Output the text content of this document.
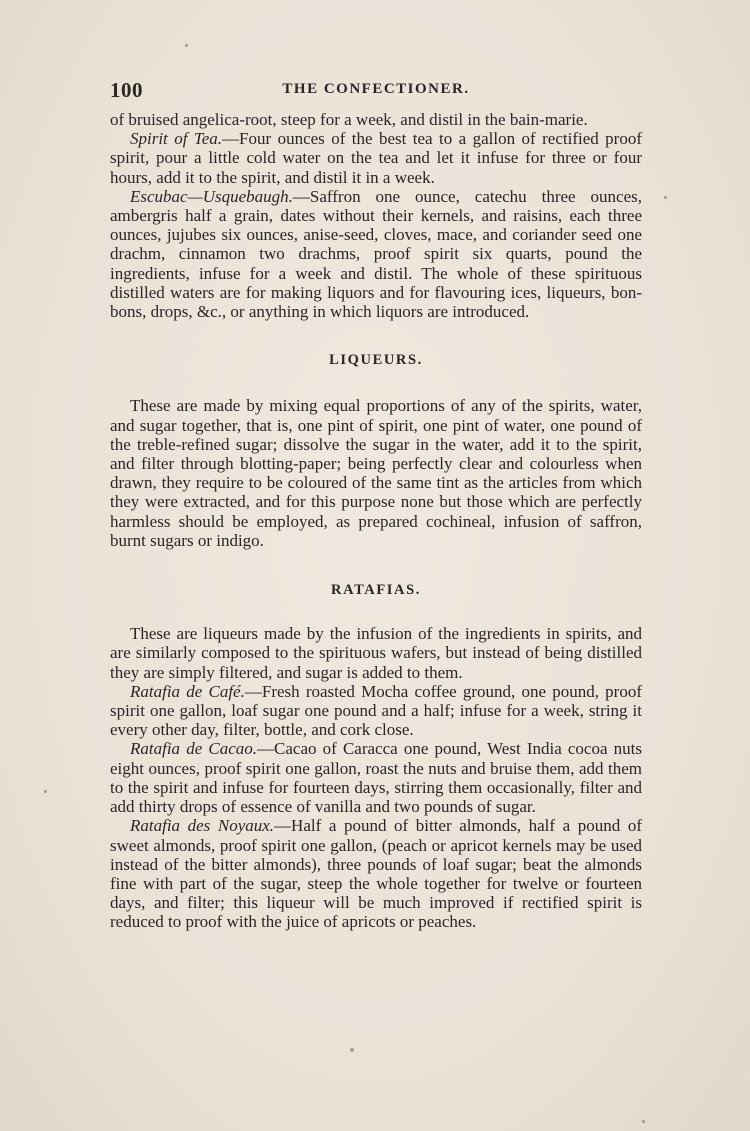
100	THE CONFECTIONER.

of bruised angelica-root, steep for a week, and distil in the bain-marie.

Spirit of Tea.—Four ounces of the best tea to a gallon of rectified proof spirit, pour a little cold water on the tea and let it infuse for three or four hours, add it to the spirit, and distil it in a week.

Escubac—Usquebaugh.—Saffron one ounce, catechu three ounces, ambergris half a grain, dates without their kernels, and raisins, each three ounces, jujubes six ounces, anise-seed, cloves, mace, and coriander seed one drachm, cinnamon two drachms, proof spirit six quarts, pound the ingredients, infuse for a week and distil. The whole of these spirituous distilled waters are for making liquors and for flavouring ices, liqueurs, bon-bons, drops, &c., or anything in which liquors are introduced.

LIQUEURS.

These are made by mixing equal proportions of any of the spirits, water, and sugar together, that is, one pint of spirit, one pint of water, one pound of the treble-refined sugar; dissolve the sugar in the water, add it to the spirit, and filter through blotting-paper; being perfectly clear and colourless when drawn, they require to be coloured of the same tint as the articles from which they were extracted, and for this purpose none but those which are perfectly harmless should be employed, as prepared cochineal, infusion of saffron, burnt sugars or indigo.

RATAFIAS.

These are liqueurs made by the infusion of the ingredients in spirits, and are similarly composed to the spirituous wafers, but instead of being distilled they are simply filtered, and sugar is added to them.

Ratafia de Café.—Fresh roasted Mocha coffee ground, one pound, proof spirit one gallon, loaf sugar one pound and a half; infuse for a week, string it every other day, filter, bottle, and cork close.

Ratafia de Cacao.—Cacao of Caracca one pound, West India cocoa nuts eight ounces, proof spirit one gallon, roast the nuts and bruise them, add them to the spirit and infuse for fourteen days, stirring them occasionally, filter and add thirty drops of essence of vanilla and two pounds of sugar.

Ratafia des Noyaux.—Half a pound of bitter almonds, half a pound of sweet almonds, proof spirit one gallon, (peach or apricot kernels may be used instead of the bitter almonds), three pounds of loaf sugar; beat the almonds fine with part of the sugar, steep the whole together for twelve or fourteen days, and filter; this liqueur will be much improved if rectified spirit is reduced to proof with the juice of apricots or peaches.
